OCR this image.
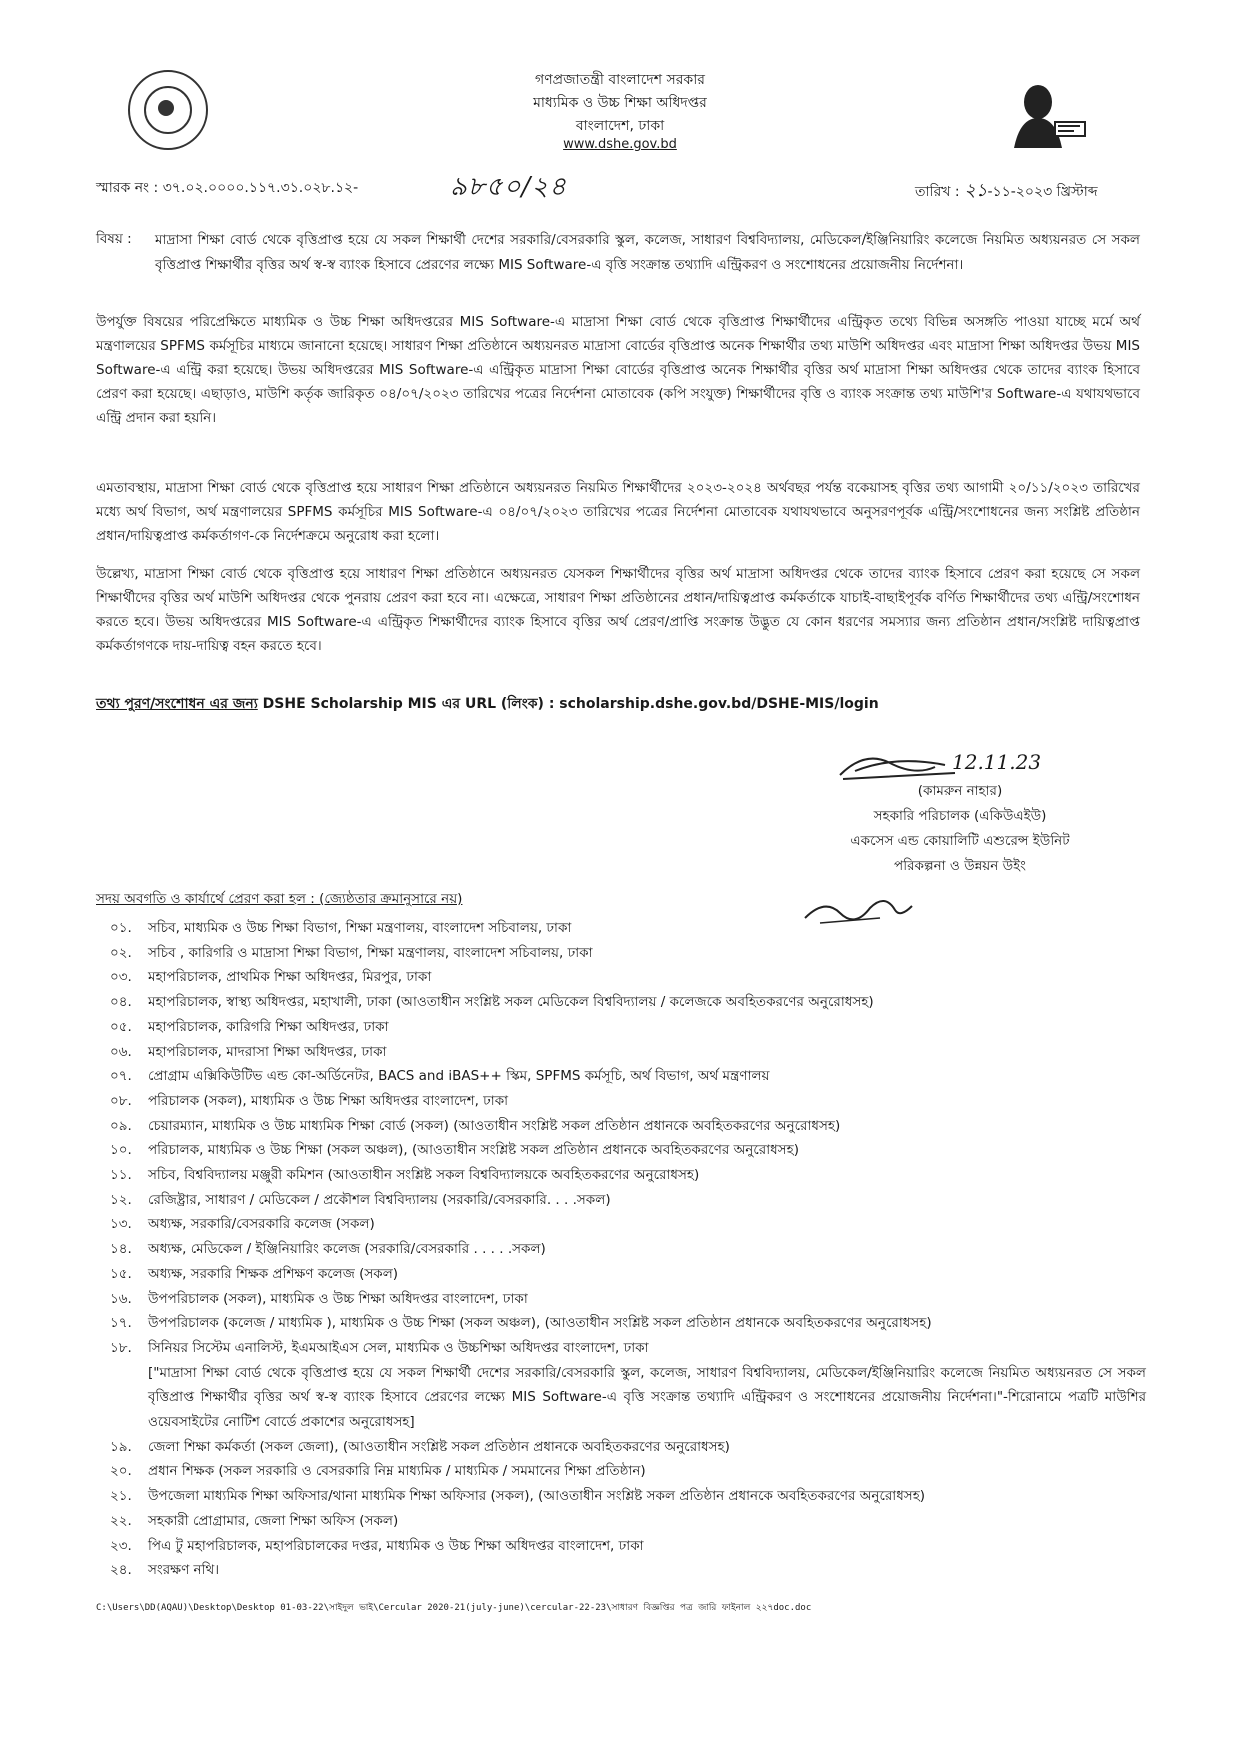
গণপ্রজাতন্ত্রী বাংলাদেশ সরকার
মাধ্যমিক ও উচ্চ শিক্ষা অধিদপ্তর
বাংলাদেশ, ঢাকা
www.dshe.gov.bd
স্মারক নং : ৩৭.০২.০০০০.১১৭.৩১.০২৮.১২-	৯৮৫০/২৪	তারিখ : ২১-১১-২০২৩ খ্রিস্টাব্দ
বিষয় : মাদ্রাসা শিক্ষা বোর্ড থেকে বৃত্তিপ্রাপ্ত হয়ে যে সকল শিক্ষার্থী দেশের সরকারি/বেসরকারি স্কুল, কলেজ, সাধারণ বিশ্ববিদ্যালয়, মেডিকেল/ইঞ্জিনিয়ারিং কলেজে নিয়মিত অধ্যয়নরত সে সকল বৃত্তিপ্রাপ্ত শিক্ষার্থীর বৃত্তির অর্থ স্ব-স্ব ব্যাংক হিসাবে প্রেরণের লক্ষ্যে MIS Software-এ বৃত্তি সংক্রান্ত তথ্যাদি এন্ট্রিকরণ ও সংশোধনের প্রয়োজনীয় নির্দেশনা।
উপর্যুক্ত বিষয়ের পরিপ্রেক্ষিতে মাধ্যমিক ও উচ্চ শিক্ষা অধিদপ্তরের MIS Software-এ মাদ্রাসা শিক্ষা বোর্ড থেকে বৃত্তিপ্রাপ্ত শিক্ষার্থীদের এন্ট্রিকৃত তথ্যে বিভিন্ন অসঙ্গতি পাওয়া যাচ্ছে মর্মে অর্থ মন্ত্রণালয়ের SPFMS কর্মসূচির মাধ্যমে জানানো হয়েছে। সাধারণ শিক্ষা প্রতিষ্ঠানে অধ্যয়নরত মাদ্রাসা বোর্ডের বৃত্তিপ্রাপ্ত অনেক শিক্ষার্থীর তথ্য মাউশি অধিদপ্তর এবং মাদ্রাসা শিক্ষা অধিদপ্তর উভয় MIS Software-এ এন্ট্রি করা হয়েছে। উভয় অধিদপ্তরের MIS Software-এ এন্ট্রিকৃত মাদ্রাসা শিক্ষা বোর্ডের বৃত্তিপ্রাপ্ত অনেক শিক্ষার্থীর বৃত্তির অর্থ মাদ্রাসা শিক্ষা অধিদপ্তর থেকে তাদের ব্যাংক হিসাবে প্রেরণ করা হয়েছে। এছাড়াও, মাউশি কর্তৃক জারিকৃত ০৪/০৭/২০২৩ তারিখের পত্রের নির্দেশনা মোতাবেক (কপি সংযুক্ত) শিক্ষার্থীদের বৃত্তি ও ব্যাংক সংক্রান্ত তথ্য মাউশি'র Software-এ যথাযথভাবে এন্ট্রি প্রদান করা হয়নি।
এমতাবস্থায়, মাদ্রাসা শিক্ষা বোর্ড থেকে বৃত্তিপ্রাপ্ত হয়ে সাধারণ শিক্ষা প্রতিষ্ঠানে অধ্যয়নরত নিয়মিত শিক্ষার্থীদের ২০২৩-২০২৪ অর্থবছর পর্যন্ত বকেয়াসহ বৃত্তির তথ্য আগামী ২০/১১/২০২৩ তারিখের মধ্যে অর্থ বিভাগ, অর্থ মন্ত্রণালয়ের SPFMS কর্মসূচির MIS Software-এ ০৪/০৭/২০২৩ তারিখের পত্রের নির্দেশনা মোতাবেক যথাযথভাবে অনুসরণপূর্বক এন্ট্রি/সংশোধনের জন্য সংশ্লিষ্ট প্রতিষ্ঠান প্রধান/দায়িত্বপ্রাপ্ত কর্মকর্তাগণ-কে নির্দেশক্রমে অনুরোধ করা হলো।
উল্লেখ্য, মাদ্রাসা শিক্ষা বোর্ড থেকে বৃত্তিপ্রাপ্ত হয়ে সাধারণ শিক্ষা প্রতিষ্ঠানে অধ্যয়নরত যেসকল শিক্ষার্থীদের বৃত্তির অর্থ মাদ্রাসা অধিদপ্তর থেকে তাদের ব্যাংক হিসাবে প্রেরণ করা হয়েছে সে সকল শিক্ষার্থীদের বৃত্তির অর্থ মাউশি অধিদপ্তর থেকে পুনরায় প্রেরণ করা হবে না। এক্ষেত্রে, সাধারণ শিক্ষা প্রতিষ্ঠানের প্রধান/দায়িত্বপ্রাপ্ত কর্মকর্তাকে যাচাই-বাছাইপূর্বক বর্ণিত শিক্ষার্থীদের তথ্য এন্ট্রি/সংশোধন করতে হবে। উভয় অধিদপ্তরের MIS Software-এ এন্ট্রিকৃত শিক্ষার্থীদের ব্যাংক হিসাবে বৃত্তির অর্থ প্রেরণ/প্রাপ্তি সংক্রান্ত উদ্ভুত যে কোন ধরণের সমস্যার জন্য প্রতিষ্ঠান প্রধান/সংশ্লিষ্ট দায়িত্বপ্রাপ্ত কর্মকর্তাগণকে দায়-দায়িত্ব বহন করতে হবে।
তথ্য পুরণ/সংশোধন এর জন্য DSHE Scholarship MIS এর URL (লিংক) : scholarship.dshe.gov.bd/DSHE-MIS/login
12.11.23
(কামরুন নাহার)
সহকারি পরিচালক (একিউএইউ)
একসেস এন্ড কোয়ালিটি এশুরেন্স ইউনিট
পরিকল্পনা ও উন্নয়ন উইং
সদয় অবগতি ও কার্যার্থে প্রেরণ করা হল : (জ্যেষ্ঠতার ক্রমানুসারে নয়)
০১.	সচিব, মাধ্যমিক ও উচ্চ শিক্ষা বিভাগ, শিক্ষা মন্ত্রণালয়, বাংলাদেশ সচিবালয়, ঢাকা
০২.	সচিব , কারিগরি ও মাদ্রাসা শিক্ষা বিভাগ, শিক্ষা মন্ত্রণালয়, বাংলাদেশ সচিবালয়, ঢাকা
০৩.	মহাপরিচালক, প্রাথমিক শিক্ষা অধিদপ্তর, মিরপুর, ঢাকা
০৪.	মহাপরিচালক, স্বাস্থ্য অধিদপ্তর, মহাখালী, ঢাকা (আওতাধীন সংশ্লিষ্ট সকল মেডিকেল বিশ্ববিদ্যালয় / কলেজকে অবহিতকরণের অনুরোধসহ)
০৫.	মহাপরিচালক, কারিগরি শিক্ষা অধিদপ্তর, ঢাকা
০৬.	মহাপরিচালক, মাদরাসা শিক্ষা অধিদপ্তর, ঢাকা
০৭.	প্রোগ্রাম এক্সিকিউটিভ এন্ড কো-অর্ডিনেটর, BACS and iBAS++ স্কিম, SPFMS কর্মসূচি, অর্থ বিভাগ, অর্থ মন্ত্রণালয়
০৮.	পরিচালক (সকল), মাধ্যমিক ও উচ্চ শিক্ষা অধিদপ্তর বাংলাদেশ, ঢাকা
০৯.	চেয়ারম্যান, মাধ্যমিক ও উচ্চ মাধ্যমিক শিক্ষা বোর্ড (সকল) (আওতাধীন সংশ্লিষ্ট সকল প্রতিষ্ঠান প্রধানকে অবহিতকরণের অনুরোধসহ)
১০.	পরিচালক, মাধ্যমিক ও উচ্চ শিক্ষা (সকল অঞ্চল), (আওতাধীন সংশ্লিষ্ট সকল প্রতিষ্ঠান প্রধানকে অবহিতকরণের অনুরোধসহ)
১১.	সচিব, বিশ্ববিদ্যালয় মঞ্জুরী কমিশন (আওতাধীন সংশ্লিষ্ট সকল বিশ্ববিদ্যালয়কে অবহিতকরণের অনুরোধসহ)
১২.	রেজিষ্ট্রার, সাধারণ / মেডিকেল / প্রকৌশল বিশ্ববিদ্যালয় (সরকারি/বেসরকারি. . . .সকল)
১৩.	অধ্যক্ষ, সরকারি/বেসরকারি কলেজ (সকল)
১৪.	অধ্যক্ষ, মেডিকেল / ইঞ্জিনিয়ারিং কলেজ (সরকারি/বেসরকারি . . . . .সকল)
১৫.	অধ্যক্ষ, সরকারি শিক্ষক প্রশিক্ষণ কলেজ (সকল)
১৬.	উপপরিচালক (সকল), মাধ্যমিক ও উচ্চ শিক্ষা অধিদপ্তর বাংলাদেশ, ঢাকা
১৭.	উপপরিচালক (কলেজ / মাধ্যমিক ), মাধ্যমিক ও উচ্চ শিক্ষা (সকল অঞ্চল), (আওতাধীন সংশ্লিষ্ট সকল প্রতিষ্ঠান প্রধানকে অবহিতকরণের অনুরোধসহ)
১৮.	সিনিয়র সিস্টেম এনালিস্ট, ইএমআইএস সেল, মাধ্যমিক ও উচ্চশিক্ষা অধিদপ্তর বাংলাদেশ, ঢাকা
["মাদ্রাসা শিক্ষা বোর্ড থেকে বৃত্তিপ্রাপ্ত হয়ে যে সকল শিক্ষার্থী দেশের সরকারি/বেসরকারি স্কুল, কলেজ, সাধারণ বিশ্ববিদ্যালয়, মেডিকেল/ইঞ্জিনিয়ারিং কলেজে নিয়মিত অধ্যয়নরত সে সকল বৃত্তিপ্রাপ্ত শিক্ষার্থীর বৃত্তির অর্থ স্ব-স্ব ব্যাংক হিসাবে প্রেরণের লক্ষ্যে MIS Software-এ বৃত্তি সংক্রান্ত তথ্যাদি এন্ট্রিকরণ ও সংশোধনের প্রয়োজনীয় নির্দেশনা।"-শিরোনামে পত্রটি মাউশির ওয়েবসাইটের নোটিশ বোর্ডে প্রকাশের অনুরোধসহ]
১৯.	জেলা শিক্ষা কর্মকর্তা (সকল জেলা), (আওতাধীন সংশ্লিষ্ট সকল প্রতিষ্ঠান প্রধানকে অবহিতকরণের অনুরোধসহ)
২০.	প্রধান শিক্ষক (সকল সরকারি ও বেসরকারি নিম্ন মাধ্যমিক / মাধ্যমিক / সমমানের শিক্ষা প্রতিষ্ঠান)
২১.	উপজেলা মাধ্যমিক শিক্ষা অফিসার/থানা মাধ্যমিক শিক্ষা অফিসার (সকল), (আওতাধীন সংশ্লিষ্ট সকল প্রতিষ্ঠান প্রধানকে অবহিতকরণের অনুরোধসহ)
২২.	সহকারী প্রোগ্রামার, জেলা শিক্ষা অফিস (সকল)
২৩.	পিএ টু মহাপরিচালক, মহাপরিচালকের দপ্তর, মাধ্যমিক ও উচ্চ শিক্ষা অধিদপ্তর বাংলাদেশ, ঢাকা
২৪.	সংরক্ষণ নথি।
C:\Users\DD(AQAU)\Desktop\Desktop 01-03-22\সাইদুল ভাই\Cercular 2020-21(july-june)\cercular-22-23\সাধারণ বিজ্ঞপ্তির পত্র জারি ফাইনাল ২২৭doc.doc
